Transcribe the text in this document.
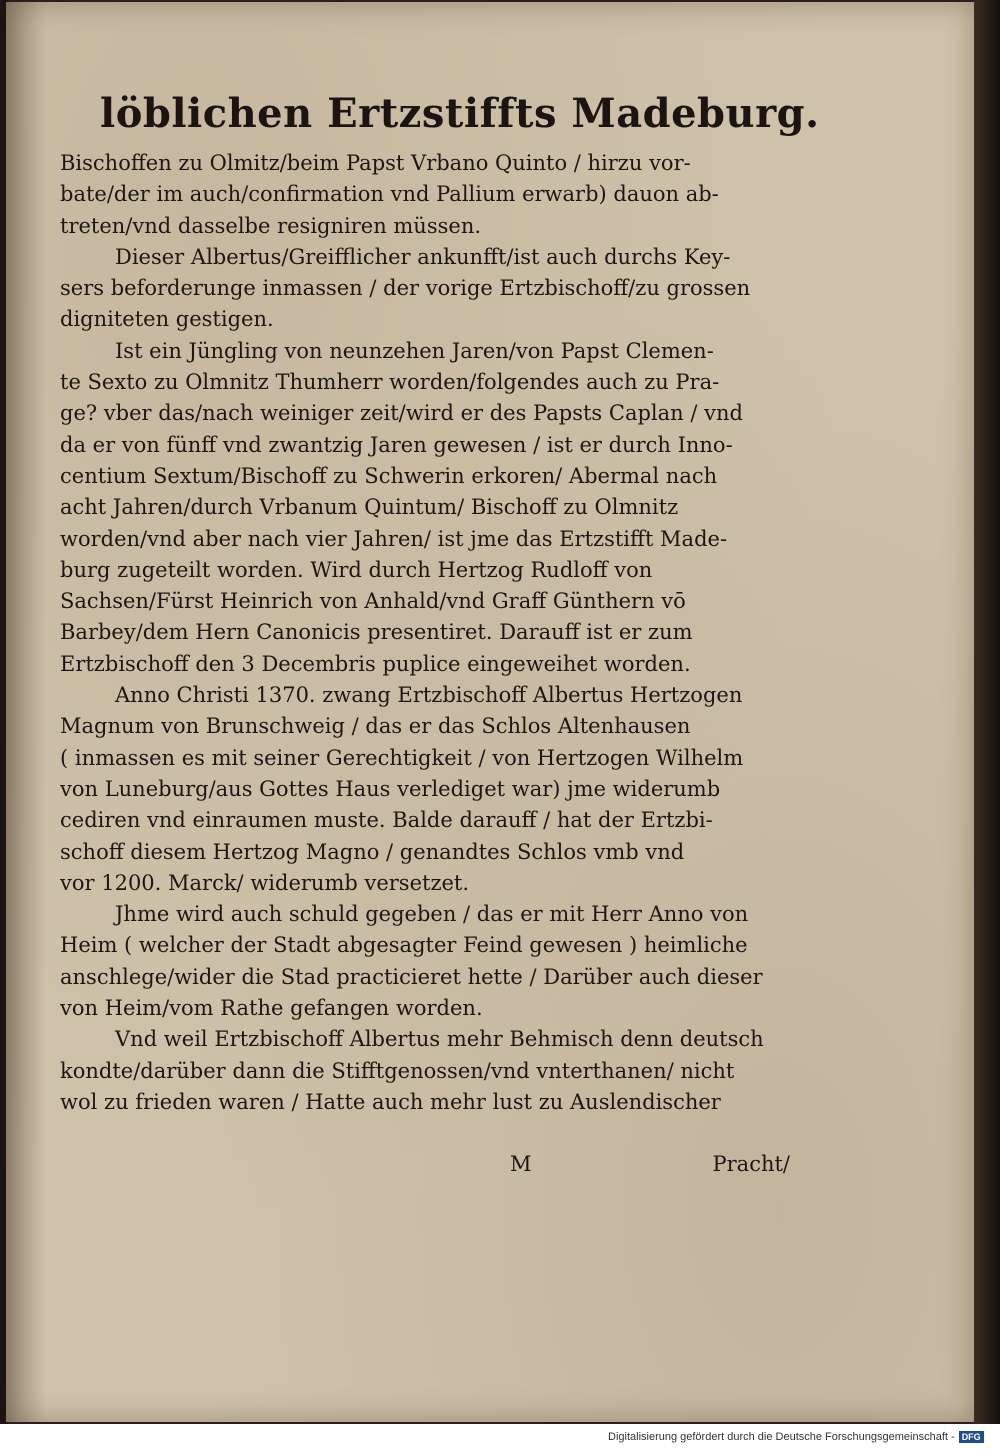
löblichen Ertzstiffts Madeburg.
Bischoffen zu Olmitz/beim Papst Vrbano Quinto / hirzu vor-
bate/der im auch/confirmation vnd Pallium erwarb) dauon ab-
treten/vnd dasselbe resigniren müssen.
Dieser Albertus/Greifflicher ankunfft/ist auch durchs Key-
sers beforderunge inmassen / der vorige Ertzbischoff/zu grossen
digniteten gestigen.
Ist ein Jüngling von neunzehen Jaren/von Papst Clemen-
te Sexto zu Olmnitz Thumherr worden/folgendes auch zu Pra-
ge? vber das/nach weiniger zeit/wird er des Papsts Caplan / vnd
da er von fünff vnd zwantzig Jaren gewesen / ist er durch Inno-
centium Sextum/Bischoff zu Schwerin erkoren/ Abermal nach
acht Jahren/durch Vrbanum Quintum/ Bischoff zu Olmnitz
worden/vnd aber nach vier Jahren/ ist jme das Ertzstifft Made-
burg zugeteilt worden. Wird durch Hertzog Rudloff von
Sachsen/Fürst Heinrich von Anhald/vnd Graff Günthern vō
Barbey/dem Hern Canonicis presentiret. Darauff ist er zum
Ertzbischoff den 3 Decembris puplice eingeweihet worden.
Anno Christi 1370. zwang Ertzbischoff Albertus Hertzogen
Magnum von Brunschweig / das er das Schlos Altenhausen
( inmassen es mit seiner Gerechtigkeit / von Hertzogen Wilhelm
von Luneburg/aus Gottes Haus verlediget war) jme widerumb
cediren vnd einraumen muste. Balde darauff / hat der Ertzbi-
schoff diesem Hertzog Magno / genandtes Schlos vmb vnd
vor 1200. Marck/ widerumb versetzet.
Jhme wird auch schuld gegeben / das er mit Herr Anno von
Heim ( welcher der Stadt abgesagter Feind gewesen ) heimliche
anschlege/wider die Stad practicieret hette / Darüber auch dieser
von Heim/vom Rathe gefangen worden.
Vnd weil Ertzbischoff Albertus mehr Behmisch denn deutsch
kondte/darüber dann die Stifftgenossen/vnd vnterthanen/ nicht
wol zu frieden waren / Hatte auch mehr lust zu Auslendischer
M	Pracht/
Digitalisierung gefördert durch die Deutsche Forschungsgemeinschaft - DFG
